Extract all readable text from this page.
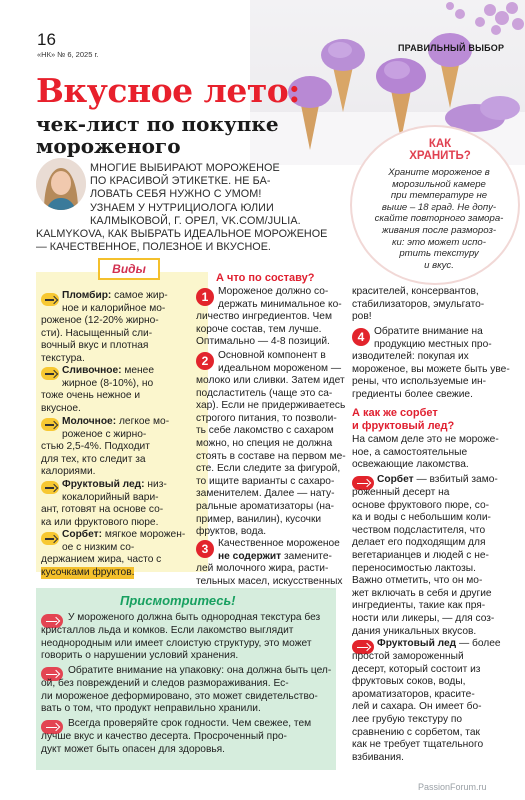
16
«НК» № 6, 2025 г.
ПРАВИЛЬНЫЙ ВЫБОР
Вкусное лето:
чек-лист по покупке
мороженого
МНОГИЕ ВЫБИРАЮТ МОРОЖЕНОЕ
ПО КРАСИВОЙ ЭТИКЕТКЕ. НЕ БА-
ЛОВАТЬ СЕБЯ НУЖНО С УМОМ!
УЗНАЕМ У НУТРИЦИОЛОГА ЮЛИИ
КАЛМЫКОВОЙ, Г. ОРЕЛ, VK.COM/JULIA.
KALMYKOVA, КАК ВЫБРАТЬ ИДЕАЛЬНОЕ МОРОЖЕНОЕ
— КАЧЕСТВЕННОЕ, ПОЛЕЗНОЕ И ВКУСНОЕ.
КАК
ХРАНИТЬ?
Храните мороженое в
морозильной камере
при температуре не
выше – 18 град. Не допу-
скайте повторного замора-
живания после размороз-
ки: это может испо-
ртить текстуру
и вкус.
Виды
Пломбир: самое жир-
ное и калорийное мо-
роженое (12-20% жирно-
сти). Насыщенный сли-
вочный вкус и плотная
текстура.
Сливочное: менее
жирное (8-10%), но
тоже очень нежное и
вкусное.
Молочное: легкое мо-
роженое с жирно-
стью 2,5-4%. Подходит
для тех, кто следит за
калориями.
Фруктовый лед: низ-
кокалорийный вари-
ант, готовят на основе со-
ка или фруктового пюре.
Сорбет: мягкое морожен-
ое с низким со-
держанием жира, часто с
кусочками фруктов.
А что по составу?
1 Мороженое должно со-
держать минимальное ко-
личество ингредиентов. Чем
короче состав, тем лучше.
Оптимально — 4-8 позиций.
2 Основной компонент в
идеальном мороженом —
молоко или сливки. Затем идет
подсластитель (чаще это са-
хар). Если не придерживаетесь
строгого питания, то позволи-
ть себе лакомство с сахаром
можно, но специя не должна
стоять в составе на первом ме-
сте. Если следите за фигурой,
то ищите варианты с сахаро-
заменителем. Далее — нату-
ральные ароматизаторы (на-
пример, ванилин), кусочки
фруктов, вода.
3 Качественное мороженое
не содержит замените-
лей молочного жира, расти-
тельных масел, искусственных
красителей, консервантов,
стабилизаторов, эмульгато-
ров!
4 Обратите внимание на
продукцию местных про-
изводителей: покупая их
мороженое, вы можете быть уве-
рены, что используемые ин-
гредиенты более свежие.
А как же сорбет
и фруктовый лед?
На самом деле это не мороже-
ное, а самостоятельные
освежающие лакомства.
Сорбет — взбитый замо-
роженный десерт на
основе фруктового пюре, со-
ка и воды с небольшим коли-
чеством подсластителя, что
делает его подходящим для
вегетарианцев и людей с не-
переносимостью лактозы.
Важно отметить, что он мо-
жет включать в себя и другие
ингредиенты, такие как пря-
ности или ликеры, — для соз-
дания уникальных вкусов.
Фруктовый лед — более
простой замороженный
десерт, который состоит из
фруктовых соков, воды,
ароматизаторов, красите-
лей и сахара. Он имеет бо-
лее грубую текстуру по
сравнению с сорбетом, так
как не требует тщательного
взбивания.
Присмотритесь!
У мороженого должна быть однородная текстура без
кристаллов льда и комков. Если лакомство выглядит
неоднородным или имеет слоистую структуру, это может
говорить о нарушении условий хранения.
Обратите внимание на упаковку: она должна быть цел-
ой, без повреждений и следов размораживания. Ес-
ли мороженое деформировано, это может свидетельство-
вать о том, что продукт неправильно хранили.
Всегда проверяйте срок годности. Чем свежее, тем
лучше вкус и качество десерта. Просроченный про-
дукт может быть опасен для здоровья.
PassionForum.ru
